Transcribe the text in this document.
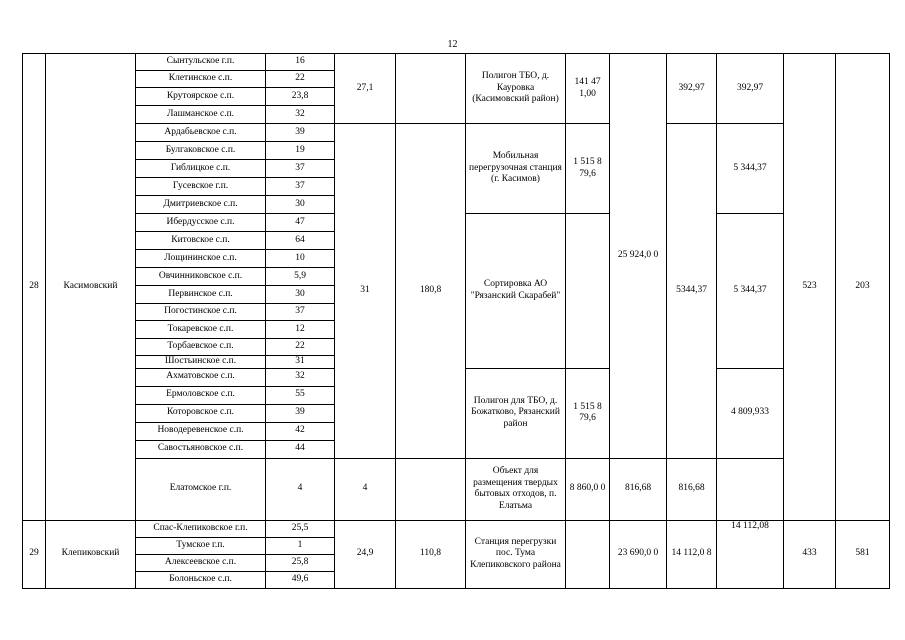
12
28	Касимовский	Сынтульское г.п.	16	27,1		Полигон ТБО, д. Кауровка (Касимовский район)	141 47 1,00	25 924,0 0	392,97	392,97	523	203
		Клетинское с.п.	22									
		Крутоярское с.п.	23,8									
		Лашманское с.п.	32									
		Ардабьевское с.п.	39	31	180,8	Мобильная перегрузочная станция (г. Касимов)	1 515 8 79,6		5344,37	5 344,37		
		Булгаковское с.п.	19									
		Гиблицкое с.п.	37									
		Гусевское г.п.	37									
		Дмитриевское с.п.	30									
		Ибердусское с.п.	47			Сортировка АО "Рязанский Скарабей"				5 344,37		
		Китовское с.п.	64									
		Лощининское с.п.	10									
		Овчинниковское с.п.	5,9									
		Первинское с.п.	30									
		Погостинское с.п.	37									
		Токаревское с.п.	12									
		Торбаевское с.п.	22									
		Шостьинское с.п.	31									
		Ахматовское с.п.	32			Полигон для ТБО, д. Божатково, Рязанский район	1 515 8 79,6			4 809,933		
		Ермоловское с.п.	55									
		Которовское с.п.	39									
		Новодеревенское с.п.	42									
		Савостьяновское с.п.	44									
		Елатомское г.п.	4	4		Объект для размещения твердых бытовых отходов, п. Елатьма	8 860,0 0	816,68	816,68			
29	Клепиковский	Спас-Клепиковское г.п.	25,5	24,9	110,8	Станция перегрузки пос. Тума Клепиковского района		23 690,0 0	14 112,0 8	14 112,08	433	581
		Тумское г.п.	1									
		Алексеевское с.п.	25,8									
		Болоньское с.п.	49,6									
